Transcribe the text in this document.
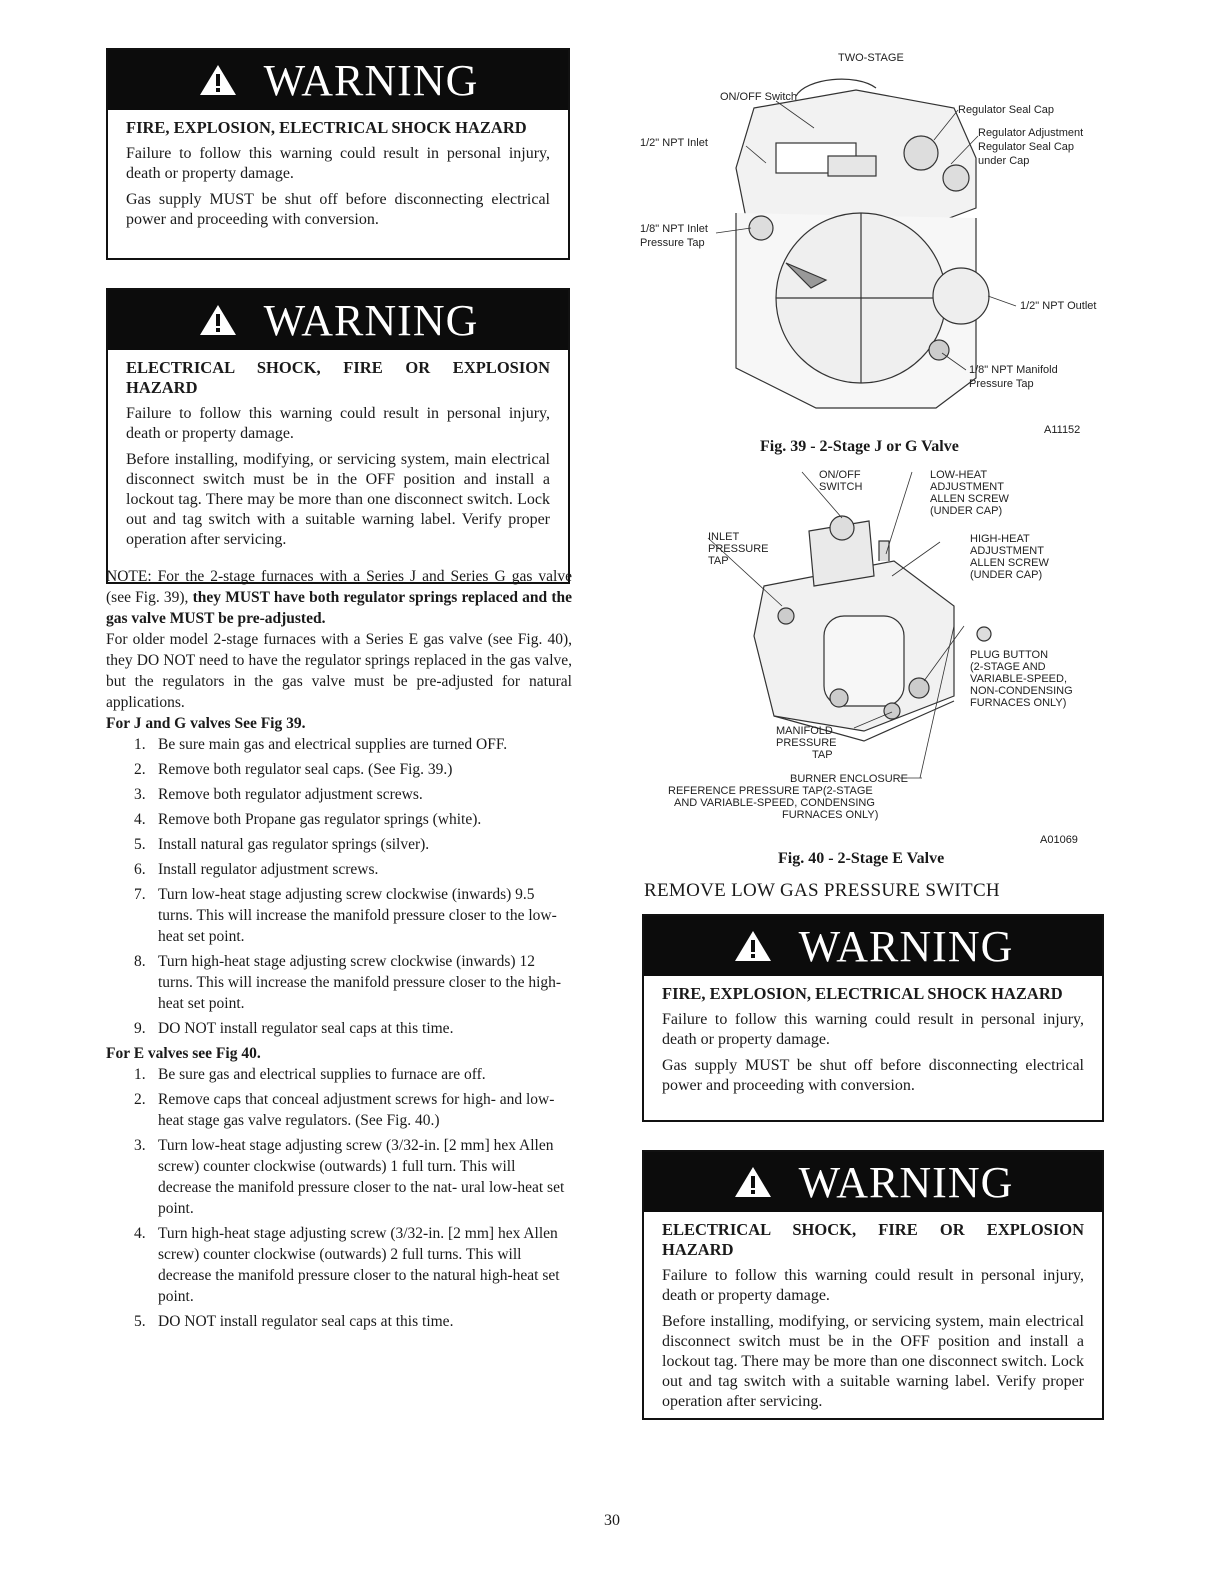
WARNING

FIRE, EXPLOSION, ELECTRICAL SHOCK HAZARD

Failure to follow this warning could result in personal injury, death or property damage.

Gas supply MUST be shut off before disconnecting electrical power and proceeding with conversion.

WARNING

ELECTRICAL SHOCK, FIRE OR EXPLOSION HAZARD

Failure to follow this warning could result in personal injury, death or property damage.

Before installing, modifying, or servicing system, main electrical disconnect switch must be in the OFF position and install a lockout tag. There may be more than one disconnect switch. Lock out and tag switch with a suitable warning label. Verify proper operation after servicing.

NOTE: For the 2-stage furnaces with a Series J and Series G gas valve (see Fig. 39), they MUST have both regulator springs replaced and the gas valve MUST be pre-adjusted.

For older model 2-stage furnaces with a Series E gas valve (see Fig. 40), they DO NOT need to have the regulator springs replaced in the gas valve, but the regulators in the gas valve must be pre-adjusted for natural applications.

For J and G valves See Fig 39.

1. Be sure main gas and electrical supplies are turned OFF.
2. Remove both regulator seal caps. (See Fig. 39.)
3. Remove both regulator adjustment screws.
4. Remove both Propane gas regulator springs (white).
5. Install natural gas regulator springs (silver).
6. Install regulator adjustment screws.
7. Turn low-heat stage adjusting screw clockwise (inwards) 9.5 turns. This will increase the manifold pressure closer to the low-heat set point.
8. Turn high-heat stage adjusting screw clockwise (inwards) 12 turns. This will increase the manifold pressure closer to the high-heat set point.
9. DO NOT install regulator seal caps at this time.

For E valves see Fig 40.

1. Be sure gas and electrical supplies to furnace are off.
2. Remove caps that conceal adjustment screws for high- and low-heat stage gas valve regulators. (See Fig. 40.)
3. Turn low-heat stage adjusting screw (3/32-in. [2 mm] hex Allen screw) counter clockwise (outwards) 1 full turn. This will decrease the manifold pressure closer to the nat- ural low-heat set point.
4. Turn high-heat stage adjusting screw (3/32-in. [2 mm] hex Allen screw) counter clockwise (outwards) 2 full turns. This will decrease the manifold pressure closer to the natural high-heat set point.
5. DO NOT install regulator seal caps at this time.
TWO-STAGE
ON/OFF Switch
1/2" NPT Inlet
1/8" NPT Inlet
Pressure Tap
Regulator Seal Cap
Regulator Adjustment
Regulator Seal Cap
under Cap
1/2" NPT Outlet
1/8" NPT Manifold
Pressure Tap
A11152
Fig. 39 - 2-Stage J or G Valve
ON/OFF
SWITCH
LOW-HEAT
ADJUSTMENT
ALLEN SCREW
(UNDER CAP)
INLET
PRESSURE
TAP
HIGH-HEAT
ADJUSTMENT
ALLEN SCREW
(UNDER CAP)
PLUG BUTTON
(2-STAGE AND
VARIABLE-SPEED,
NON-CONDENSING
FURNACES ONLY)
MANIFOLD
PRESSURE
TAP
BURNER ENCLOSURE
REFERENCE PRESSURE TAP(2-STAGE
AND VARIABLE-SPEED, CONDENSING
FURNACES ONLY)
A01069
Fig. 40 - 2-Stage E Valve
REMOVE LOW GAS PRESSURE SWITCH
WARNING

FIRE, EXPLOSION, ELECTRICAL SHOCK HAZARD

Failure to follow this warning could result in personal injury, death or property damage.

Gas supply MUST be shut off before disconnecting electrical power and proceeding with conversion.

WARNING

ELECTRICAL SHOCK, FIRE OR EXPLOSION HAZARD

Failure to follow this warning could result in personal injury, death or property damage.

Before installing, modifying, or servicing system, main electrical disconnect switch must be in the OFF position and install a lockout tag. There may be more than one disconnect switch. Lock out and tag switch with a suitable warning label. Verify proper operation after servicing.

30
